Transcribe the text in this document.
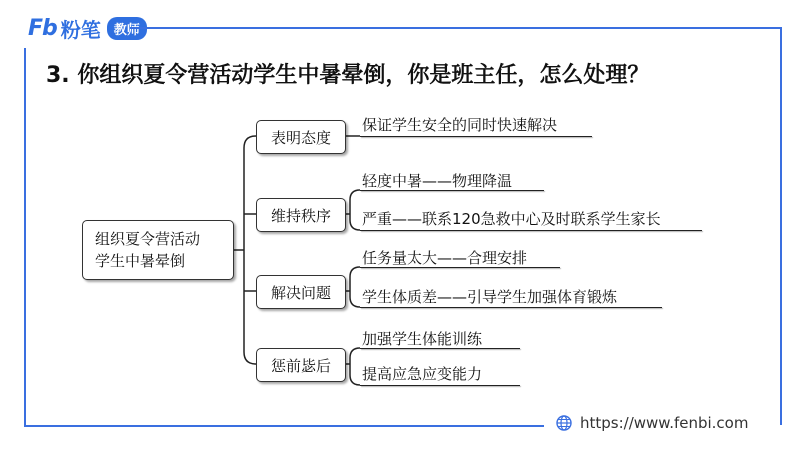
Fb 粉笔	教师
3. 你组织夏令营活动学生中暑晕倒，你是班主任，怎么处理？
组织夏令营活动
学生中暑晕倒
表明态度
维持秩序
解决问题
惩前毖后
保证学生安全的同时快速解决
轻度中暑——物理降温
严重——联系120急救中心及时联系学生家长
任务量太大——合理安排
学生体质差——引导学生加强体育锻炼
加强学生体能训练
提高应急应变能力
https://www.fenbi.com
